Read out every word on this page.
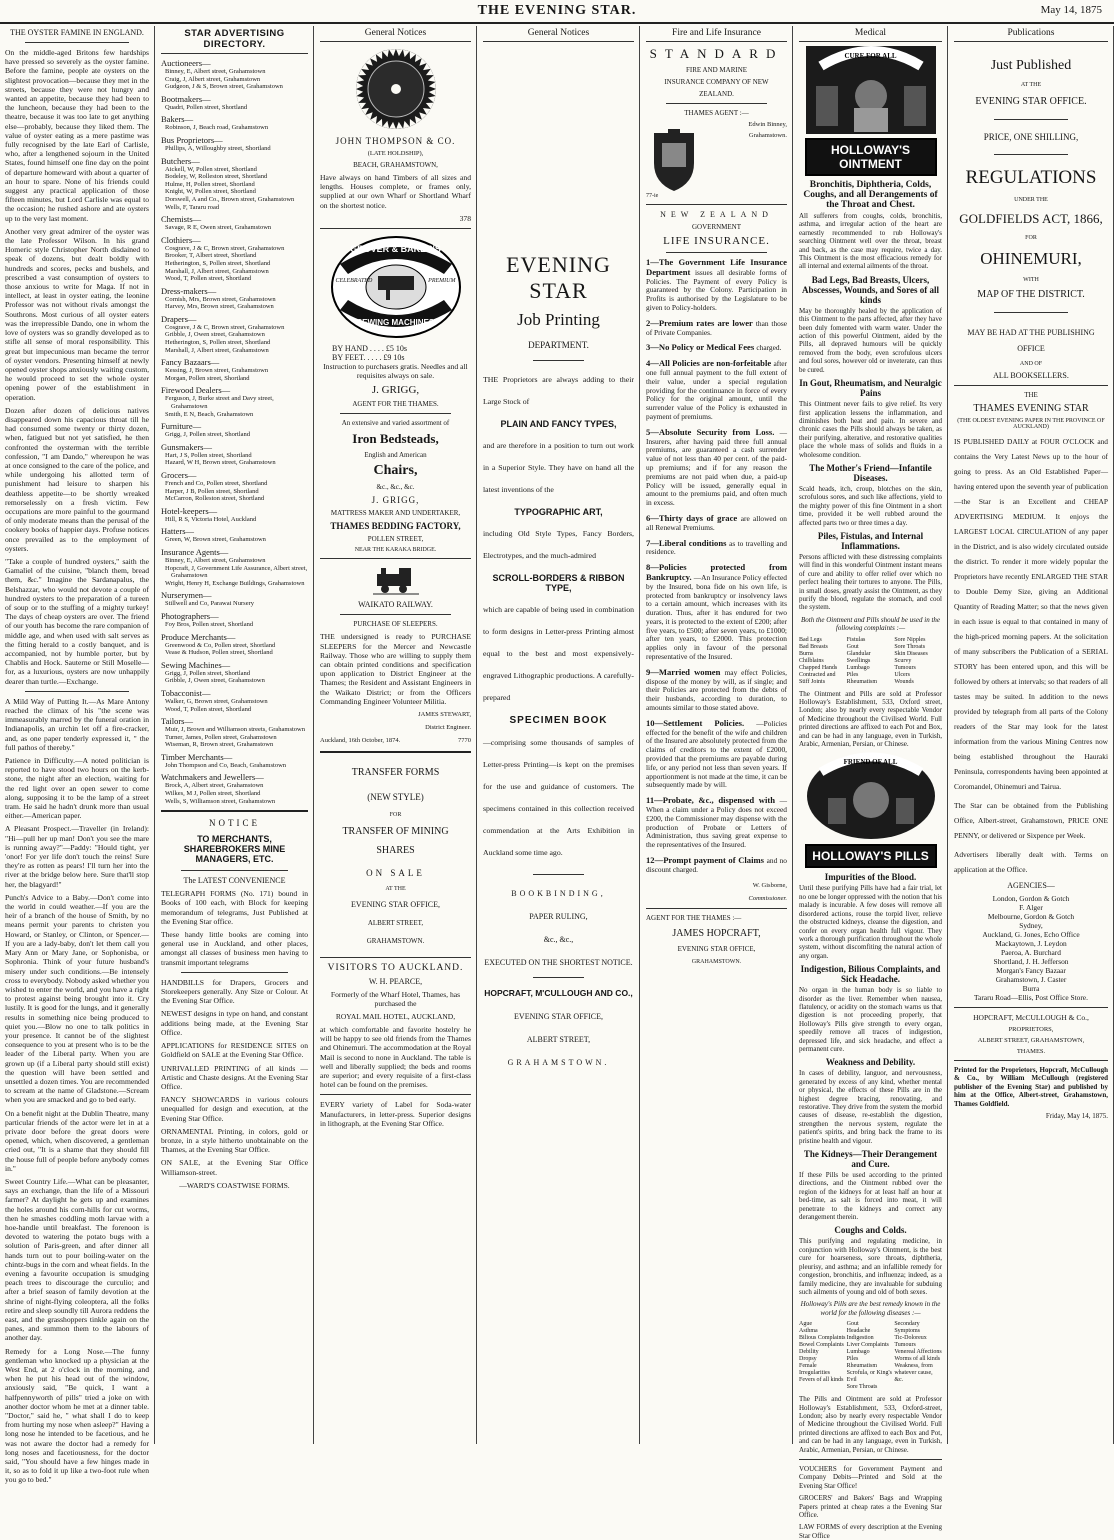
THE EVENING STAR.	May 14, 1875
THE OYSTER FAMINE IN ENGLAND.

On the middle-aged Britons few hardships have pressed so severely as the oyster famine. Before the famine, people ate oysters on the slightest provocation—because they met in the streets, because they were not hungry and wanted an appetite, because they had been to the luncheon, because they had been to the theatre, because it was too late to get anything else—probably, because they liked them. The value of oyster eating as a mere pastime was fully recognised by the late Earl of Carlisle, who, after a lengthened sojourn in the United States, found himself one fine day on the point of departure homeward with about a quarter of an hour to spare. None of his friends could suggest any practical application of those fifteen minutes, but Lord Carlisle was equal to the occasion; he rushed ashore and ate oysters up to the very last moment.

Another very great admirer of the oyster was the late Professor Wilson. In his grand Homeric style Christopher North disdained to speak of dozens, but dealt boldly with hundreds and scores, pecks and bushels, and prescribed a vast consumption of oysters to those anxious to write for Maga. If not in intellect, at least in oyster eating, the leonine Professor was not without rivals amongst the Southrons. Most curious of all oyster eaters was the irrepressible Dando, one in whom the love of oysters was so grandly developed as to stifle all sense of moral responsibility. This great but impecunious man became the terror of oyster vendors. Presenting himself at newly opened oyster shops anxiously waiting custom, he would proceed to set the whole oyster opening power of the establishment in operation.

Dozen after dozen of delicious natives disappeared down his capacious throat till he had consumed some twenty or thirty dozen, when, fatigued but not yet satisfied, he then confronted the oysterman with the terrible confession, "I am Dando," whereupon he was at once consigned to the care of the police, and while undergoing his allotted term of punishment had leisure to sharpen his deathless appetite—to be shortly wreaked remorselessly on a fresh victim. Few occupations are more painful to the gourmand of only moderate means than the perusal of the cookery books of happier days. Profuse notices once prevailed as to the employment of oysters.

"Take a couple of hundred oysters," saith the Gamaliel of the cuisine, "blanch them, bread them, &c." Imagine the Sardanapalus, the Belshazzar, who would not devote a couple of hundred oysters to the preparation of a tureen of soup or to the stuffing of a mighty turkey! The days of cheap oysters are over. The friend of our youth has become the rare companion of middle age, and when used with salt serves as the fitting herald to a costly banquet, and is accompanied, not by humble porter, but by Chablis and Hock. Sauterne or Still Moselle—for, as a luxurious, oysters are now unhappily dearer than turtle.—Exchange.

A Mild Way of Putting It.—As Mare Antony reached the climax of his "the scene was immeasurably marred by the funeral oration in Indianapolis, an urchin let off a fire-cracker, and, as one paper tenderly expressed it, " the full pathos of thereby."

Patience in Difficulty.—A noted politician is reported to have stood two hours on the kerb-stone, the night after an election, waiting for the red light over an open sewer to come along, supposing it to be the lamp of a street tram. He said he hadn't drunk more than usual either.—American paper.

A Pleasant Prospect.—Traveller (in Ireland): "Hi—pull her up man! Don't you see the mare is running away?"—Paddy: "Hould tight, yer 'onor! For yer life don't touch the reins! Sure they're as rotten as pears! I'll turn her into the river at the bridge below here. Sure that'll stop her, the blagyard!"

Punch's Advice to a Baby.—Don't come into the world in could weather.—If you are the heir of a branch of the house of Smith, by no means permit your parents to christen you Howard, or Stanley, or Clinton, or Spencer.—If you are a lady-baby, don't let them call you Mary Ann or Mary Jane, or Sophonisba, or Sophronia. Think of your future husband's misery under such conditions.—Be intensely cross to everybody. Nobody asked whether you wished to enter the world, and you have a right to protest against being brought into it. Cry lustily. It is good for the lungs, and it generally results in something nice being produced to quiet you.—Blow no one to talk politics in your presence. It cannot be of the slightest consequence to you at present who is to be the leader of the Liberal party. When you are grown up (if a Liberal party should still exist) the question will have been settled and unsettled a dozen times. You are recommended to scream at the name of Gladstone.—Scream when you are smacked and go to bed early.

On a benefit night at the Dublin Theatre, many particular friends of the actor were let in at a private door before the great doors were opened, which, when discovered, a gentleman cried out, "It is a shame that they should fill the house full of people before anybody comes in."

Sweet Country Life.—What can be pleasanter, says an exchange, than the life of a Missouri farmer? At daylight he gets up and examines the holes around his corn-hills for cut worms, then he smashes coddling moth larvae with a hoe-handle until breakfast. The forenoon is devoted to watering the potato bugs with a solution of Paris-green, and after dinner all hands turn out to pour boiling-water on the chintz-bugs in the corn and wheat fields. In the evening a favourite occupation is smudging peach trees to discourage the curculio; and after a brief season of family devotion at the shrine of night-flying coleoptera, all the folks retire and sleep soundly till Aurora reddens the east, and the grasshoppers tinkle again on the panes, and summon them to the labours of another day.

Remedy for a Long Nose.—The funny gentleman who knocked up a physician at the West End, at 2 o'clock in the morning, and when he put his head out of the window, anxiously said, "Be quick, I want a halfpennyworth of pills" tried a joke on with another doctor whom he met at a dinner table. "Doctor," said he, " what shall I do to keep from hurting my nose when asleep?" Having a long nose he intended to be facetious, and he was not aware the doctor had a remedy for long noses and facetiousness, for the doctor said, "You should have a few hinges made in it, so as to fold it up like a two-foot rule when you go to bed."

STAR ADVERTISING DIRECTORY.
Auctioneers—
Binney, E, Albert street, Grahamstown
Craig, J, Albert street, Grahamstown
Gudgeon, J & S, Brown street, Grahamstown
Bootmakers—
Quadri, Pollen street, Shortland
Bakers—
Robinson, J, Beach road, Grahamstown
Bus Proprietors—
Phillips, A, Willoughby street, Shortland
Butchers—
Aickell, W, Pollen street, Shortland
Bodeley, W, Rolleston street, Shortland
Hulme, H, Pollen street, Shortland
Knight, W, Pollen street, Shortland
Dorswell, A and Co., Brown street, Grahamstown
Wells, F, Tararu road
Chemists—
Savage, R E, Owen street, Grahamstown
Clothiers—
Cosgrave, J & C, Brown street, Grahamstown
Brooker, T, Albert street, Shortland
Hetherington, S, Pollen street, Shortland
Marshall, J, Albert street, Grahamstown
Wood, T, Pollen street, Shortland
Dress-makers—
Cornish, Mrs, Brown street, Grahamstown
Harvey, Mrs, Brown street, Grahamstown
Drapers—
Cosgrave, J & C, Brown street, Grahamstown
Gribble, J, Owen street, Grahamstown
Hetherington, S, Pollen street, Shortland
Marshall, J, Albert street, Grahamstown
Fancy Bazaars—
Kessing, J, Brown street, Grahamstown
Morgan, Pollen street, Shortland
Firewood Dealers—
Ferguson, J, Burke street and Davy street, Grahamstown
Smith, E N, Beach, Grahamstown
Furniture—
Grigg, J, Pollen street, Shortland
Gunsmakers—
Hart, J S, Pollen street, Shortland
Hazard, W H, Brown street, Grahamstown
Grocers—
French and Co, Pollen street, Shortland
Harper, J B, Pollen street, Shortland
McCarron, Rolleston street, Shortland
Hotel-keepers—
Hill, R S, Victoria Hotel, Auckland
Hatters—
Green, W, Brown street, Grahamstown
Insurance Agents—
Binney, E, Albert street, Grahamstown
Hopcraft, J, Government Life Assurance, Albert street, Grahamstown
Wright, Henry H, Exchange Buildings, Grahamstown
Nurserymen—
Stillwell and Co, Parawai Nursery
Photographers—
Foy Bros, Pollen street, Shortland
Produce Merchants—
Greenwood & Co, Pollen street, Shortland
Vease & Hudson, Pollen street, Shortland
Sewing Machines—
Grigg, J, Pollen street, Shortland
Gribble, J, Owen street, Grahamstown
Tobacconist—
Walker, G, Brown street, Grahamstown
Wood, T, Pollen street, Shortland
Tailors—
Muir, J, Brown and Williamson streets, Grahamstown
Turner, James, Pollen street, Grahamstown
Wiseman, R, Brown street, Grahamstown
Timber Merchants—
John Thompson and Co, Beach, Grahamstown
Watchmakers and Jewellers—
Brock, A, Albert street, Grahamstown
Wilkes, M J, Pollen street, Shortland
Wells, S, Williamson street, Grahamstown
NOTICE
TO MERCHANTS, SHAREBROKERS MINE MANAGERS, ETC.
The LATEST CONVENIENCE

TELEGRAPH FORMS (No. 171) bound in Books of 100 each, with Block for keeping memorandum of telegrams, Just Published at the Evening Star office.

These handy little books are coming into general use in Auckland, and other places, amongst all classes of business men having to transmit important telegrams

HANDBILLS for Drapers, Grocers and Storekeepers generally. Any Size or Colour. At the Evening Star Office.

NEWEST designs in type on hand, and constant additions being made, at the Evening Star Office.

APPLICATIONS for RESIDENCE SITES on Goldfield on SALE at the Evening Star Office.

UNRIVALLED PRINTING of all kinds —Artistic and Chaste designs. At the Evening Star Office.

FANCY SHOWCARDS in various colours unequalled for design and execution, at the Evening Star Office.

ORNAMENTAL Printing, in colors, gold or bronze, in a style hitherto unobtainable on the Thames, at the Evening Star Office.

ON SALE, at the Evening Star Office Williamson-street.

—WARD'S COASTWISE FORMS.

General Notices
JOHN THOMPSON & CO.
(LATE HOLDSHIP),
BEACH, GRAHAMSTOWN,

Have always on hand Timbers of all sizes and lengths. Houses complete, or frames only, supplied at our own Wharf or Shortland Wharf on the shortest notice.

378

GROVER & BAKER'S
CELEBRATED	PREMIUM
SEWING MACHINES
BY HAND . . . . £5 10s
BY FEET. . . . . £9 10s

Instruction to purchasers gratis. Needles and all requisites always on sale.

J. GRIGG,
AGENT FOR THE THAMES.
An extensive and varied assortment of
Iron Bedsteads,
English and American
Chairs,
&c., &c., &c.
J. GRIGG,
MATTRESS MAKER AND UNDERTAKER,
THAMES BEDDING FACTORY,
POLLEN STREET,
NEAR THE KARAKA BRIDGE.
WAIKATO RAILWAY.
PURCHASE OF SLEEPERS.

THE undersigned is ready to PURCHASE SLEEPERS for the Mercer and Newcastle Railway. Those who are willing to supply them can obtain printed conditions and specification upon application to District Engineer at the Thames; the Resident and Assistant Engineers in the Waikato District; or from the Officers Commanding Engineer Volunteer Militia.

JAMES STEWART,

District Engineer.

Auckland, 16th October, 1874.	7770

TRANSFER FORMS
(NEW STYLE)
FOR
TRANSFER OF MINING
SHARES
ON SALE
AT THE
EVENING STAR OFFICE,
ALBERT STREET,
GRAHAMSTOWN.
VISITORS TO AUCKLAND.
W. H. PEARCE,

Formerly of the Wharf Hotel, Thames, has purchased the

ROYAL MAIL HOTEL, AUCKLAND,

at which comfortable and favorite hostelry he will be happy to see old friends from the Thames and Ohinemuri. The accommodation at the Royal Mail is second to none in Auckland. The table is well and liberally supplied; the beds and rooms are superior; and every requisite of a first-class hotel can be found on the premises.

EVERY variety of Label for Soda-water Manufacturers, in letter-press. Superior designs in lithograph, at the Evening Star Office.

General Notices
EVENING STAR
Job Printing
DEPARTMENT.

THE Proprietors are always adding to their Large Stock of

PLAIN AND FANCY TYPES,

and are therefore in a position to turn out work in a Superior Style. They have on hand all the latest inventions of the

TYPOGRAPHIC ART,

including Old Style Types, Fancy Borders, Electrotypes, and the much-admired

SCROLL-BORDERS & RIBBON TYPE,

which are capable of being used in combination to form designs in Letter-press Printing almost equal to the best and most expensively-engraved Lithographic productions. A carefully-prepared

SPECIMEN BOOK

—comprising some thousands of samples of Letter-press Printing—is kept on the premises for the use and guidance of customers. The specimens contained in this collection received commendation at the Arts Exhibition in Auckland some time ago.

BOOKBINDING,
PAPER RULING,
&c., &c.,
EXECUTED ON THE SHORTEST NOTICE.
HOPCRAFT, M'CULLOUGH AND CO.,
EVENING STAR OFFICE,
ALBERT STREET,
GRAHAMSTOWN.
Fire and Life Insurance
STANDARD
FIRE AND MARINE
INSURANCE COMPANY OF NEW
ZEALAND.
THAMES AGENT :—
Edwin Binney,
Grahamstown.
77-ie
NEW ZEALAND
GOVERNMENT
LIFE INSURANCE.
1—The Government Life Insurance Department issues all desirable forms of Policies. The Payment of every Policy is guaranteed by the Colony. Participation in Profits is authorised by the Legislature to be given to Policy-holders.
2—Premium rates are lower than those of Private Companies.
3—No Policy or Medical Fees charged.
4—All Policies are non-forfeitable after one full annual payment to the full extent of their value, under a special regulation providing for the continuance in force of every Policy for the original amount, until the surrender value of the Policy is exhausted in payment of premiums.
5—Absolute Security from Loss. —Insurers, after having paid three full annual premiums, are guaranteed a cash surrender value of not less than 40 per cent. of the paid-up premiums; and if for any reason the premiums are not paid when due, a paid-up Policy will be issued, generally equal in amount to the premiums paid, and often much in excess.
6—Thirty days of grace are allowed on all Renewal Premiums.
7—Liberal conditions as to travelling and residence.
8—Policies protected from Bankruptcy. —An Insurance Policy effected by the Insured, bona fide on his own life, is protected from bankruptcy or insolvency laws to a certain amount, which increases with its duration. Thus, after it has endured for two years, it is protected to the extent of £200; after five years, to £500; after seven years, to £1000; after ten years, to £2000. This protection applies only in favour of the personal representative of the Insured.
9—Married women may effect Policies, dispose of the money by will, as if single; and their Policies are protected from the debts of their husbands, according to duration, to amounts similar to those stated above.
10—Settlement Policies. —Policies effected for the benefit of the wife and children of the Insured are absolutely protected from the claims of creditors to the extent of £2000, provided that the premiums are payable during life, or any period not less than seven years. If apportionment is not made at the time, it can be subsequently made by will.
11—Probate, &c., dispensed with —When a claim under a Policy does not exceed £200, the Commissioner may dispense with the production of Probate or Letters of Administration, thus saving great expense to the representatives of the Insured.
12—Prompt payment of Claims and no discount charged.

W. Gisborne,

Commissioner.

AGENT FOR THE THAMES :—
JAMES HOPCRAFT,
EVENING STAR OFFICE,
GRAHAMSTOWN.
Medical
CURE FOR ALL
HOLLOWAY'S OINTMENT
Bronchitis, Diphtheria, Colds, Coughs, and all Derangements of the Throat and Chest.

All sufferers from coughs, colds, bronchitis, asthma, and irregular action of the heart are earnestly recommended to rub Holloway's searching Ointment well over the throat, breast and back, as the case may require, twice a day. This Ointment is the most efficacious remedy for all internal and external ailments of the throat.

Bad Legs, Bad Breasts, Ulcers, Abscesses, Wounds, and Sores of all kinds

May be thoroughly healed by the application of this Ointment to the parts affected, after they have been duly fomented with warm water. Under the action of this powerful Ointment, aided by the Pills, all depraved humours will be quickly removed from the body, even scrofulous ulcers and foul sores, however old or inveterate, can thus be cured.

In Gout, Rheumatism, and Neuralgic Pains

This Ointment never fails to give relief. Its very first application lessens the inflammation, and diminishes both heat and pain. In severe and chronic cases the Pills should always be taken, as their purifying, alterative, and restorative qualities place the whole mass of solids and fluids in a wholesome condition.

The Mother's Friend—Infantile Diseases.

Scald heads, itch, croup, blotches on the skin, scrofulous sores, and such like affections, yield to the mighty power of this fine Ointment in a short time, provided it be well rubbed around the affected parts two or three times a day.

Piles, Fistulas, and Internal Inflammations.

Persons afflicted with these distressing complaints will find in this wonderful Ointment instant means of cure and ability to offer relief over which no perfect healing their tortures to anyone. The Pills, in small doses, greatly assist the Ointment, as they purify the blood, regulate the stomach, and cool the system.

Both the Ointment and Pills should be used in the following complaints :—

Bad Legs
Bad Breasts
Burns
Chilblains
Chapped Hands
Contracted and Stiff Joints
Fistulas
Gout
Glandular Swellings
Lumbago
Piles
Rheumatism
Sore Nipples
Sore Throats
Skin Diseases
Scurvy
Tumours
Ulcers
Wounds

The Ointment and Pills are sold at Professor Holloway's Establishment, 533, Oxford street, London; also by nearly every respectable Vendor of Medicine throughout the Civilised World. Full printed directions are affixed to each Pot and Box, and can be had in any language, even in Turkish, Arabic, Armenian, Persian, or Chinese.

FRIEND OF ALL
HOLLOWAY'S PILLS
Impurities of the Blood.

Until these purifying Pills have had a fair trial, let no one be longer oppressed with the notion that his malady is incurable. A few doses will remove all disordered actions, rouse the torpid liver, relieve the obstructed kidneys, cleanse the digestion, and confer on every organ health full vigour. They work a thorough purification throughout the whole system, without discomfiting the natural action of any organ.

Indigestion, Bilious Complaints, and Sick Headache.

No organ in the human body is so liable to disorder as the liver. Remember when nausea, flatulency, or acidity on the stomach warns us that digestion is not proceeding properly, that Holloway's Pills give strength to every organ, speedily remove all traces of indigestion, depressed life, and sick headache, and effect a permanent cure.

Weakness and Debility.

In cases of debility, languor, and nervousness, generated by excess of any kind, whether mental or physical, the effects of these Pills are in the highest degree bracing, renovating, and restorative. They drive from the system the morbid causes of disease, re-establish the digestion, strengthen the nervous system, regulate the patient's spirits, and bring back the frame to its pristine health and vigour.

The Kidneys—Their Derangement and Cure.

If these Pills be used according to the printed directions, and the Ointment rubbed over the region of the kidneys for at least half an hour at bed-time, as salt is forced into meat, it will penetrate to the kidneys and correct any derangement therein.

Coughs and Colds.

This purifying and regulating medicine, in conjunction with Holloway's Ointment, is the best cure for hoarseness, sore throats, diphtheria, pleurisy, and asthma; and an infallible remedy for congestion, bronchitis, and influenza; indeed, as a family medicine, they are invaluable for subduing such ailments of young and old of both sexes.

Holloway's Pills are the best remedy known in the world for the following diseases :—

Ague
Asthma
Bilious Complaints
Bowel Complaints
Debility
Dropsy
Female Irregularities
Fevers of all kinds
Gout
Headache
Indigestion
Liver Complaints
Lumbago
Piles
Rheumatism
Scrofula, or King's Evil
Sore Throats
Secondary Symptoms
Tic-Doloreux
Tumours
Venereal Affections
Worms of all kinds
Weakness, from whatever cause, &c.

The Pills and Ointment are sold at Professor Holloway's Establishment, 533, Oxford-street, London; also by nearly every respectable Vendor of Medicine throughout the Civilised World. Full printed directions are affixed to each Box and Pot, and can be had in any language, even in Turkish, Arabic, Armenian, Persian, or Chinese.

VOUCHERS for Government Payment and Company Debits—Printed and Sold at the Evening Star Office!

GROCERS' and Bakers' Bags and Wrapping Papers printed at cheap rates a the Evening Star Office.

LAW FORMS of every description at the Evening Star Office

Publications
Just Published
AT THE
EVENING STAR OFFICE.
PRICE, ONE SHILLING,
REGULATIONS
UNDER THE
GOLDFIELDS ACT, 1866,
FOR
OHINEMURI,
WITH
MAP OF THE DISTRICT.
MAY BE HAD AT THE PUBLISHING OFFICE
AND OF
ALL BOOKSELLERS.
THE
THAMES EVENING STAR
(THE OLDEST EVENING PAPER IN THE PROVINCE OF AUCKLAND)

IS PUBLISHED DAILY at FOUR O'CLOCK and contains the Very Latest News up to the hour of going to press. As an Old Established Paper—having entered upon the seventh year of publication—the Star is an Excellent and CHEAP ADVERTISING MEDIUM. It enjoys the LARGEST LOCAL CIRCULATION of any paper in the District, and is also widely circulated outside the district. To render it more widely popular the Proprietors have recently ENLARGED THE STAR to Double Demy Size, giving an Additional Quantity of Reading Matter; so that the news given in each issue is equal to that contained in many of the high-priced morning papers. At the solicitation of many subscribers the Publication of a SERIAL STORY has been entered upon, and this will be followed by others at intervals; so that readers of all tastes may be suited. In addition to the news provided by telegraph from all parts of the Colony readers of the Star may look for the latest information from the various Mining Centres now being established throughout the Hauraki Peninsula, correspondents having been appointed at Coromandel, Ohinemuri and Tairua.

The Star can be obtained from the Publishing Office, Albert-street, Grahamstown, PRICE ONE PENNY, or delivered or Sixpence per Week.

Advertisers liberally dealt with. Terms on application at the Office.

AGENCIES—
London, Gordon & Gotch
F. Alger
Melbourne, Gordon & Gotch
Sydney,
Auckland, G. Jones, Echo Office
Mackaytown, J. Leydon
Paeroa, A. Burchard
Shortland, J. H. Jefferson
Morgan's Fancy Bazaar
Grahamstown, J. Caster
Burra
Tararu Road—Ellis, Post Office Store.
HOPCRAFT, McCULLOUGH & Co.,
PROPRIETORS,
ALBERT STREET, GRAHAMSTOWN,
THAMES.

Printed for the Proprietors, Hopcraft, McCullough & Co., by William McCullough (registered publisher of the Evening Star) and published by him at the Office, Albert-street, Grahamstown, Thames Goldfield.

Friday, May 14, 1875.
